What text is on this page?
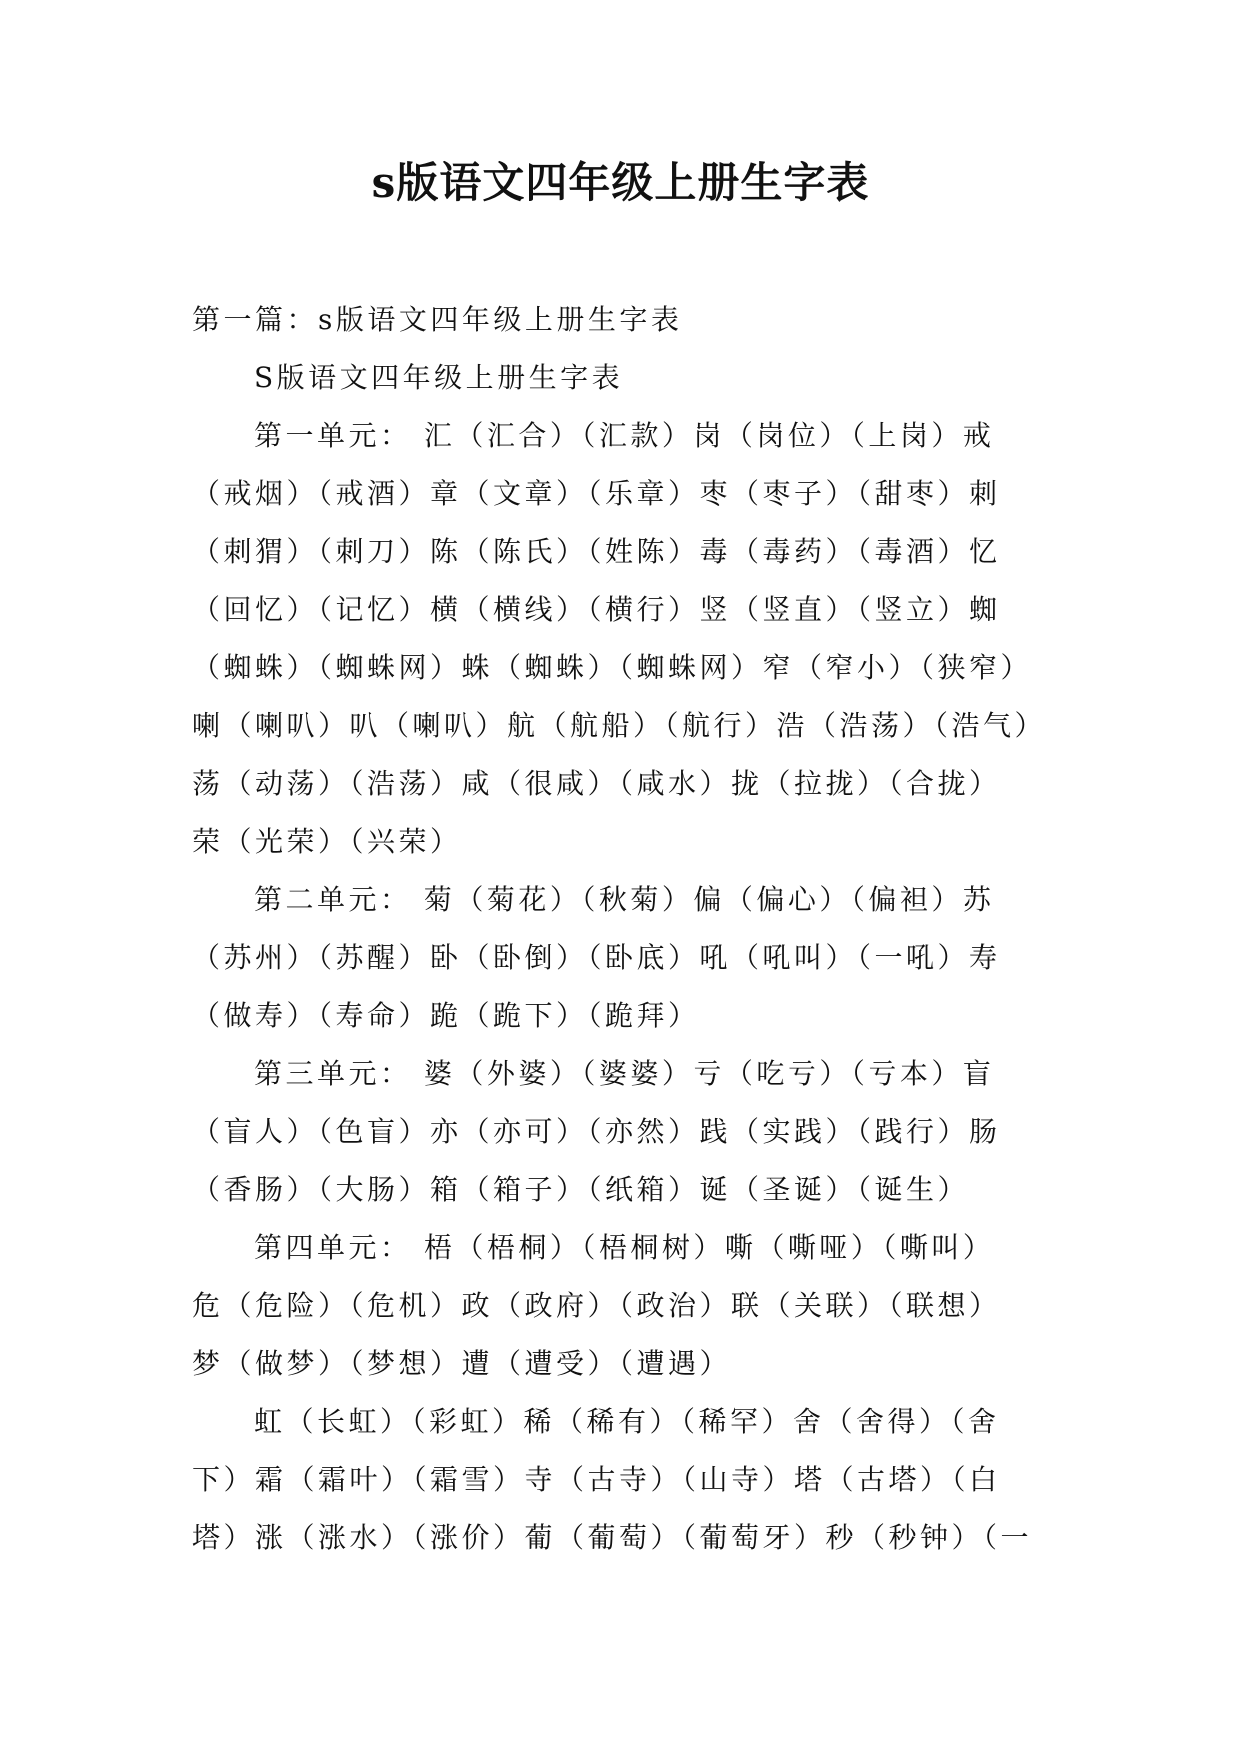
s版语文四年级上册生字表
第一篇：s版语文四年级上册生字表
S版语文四年级上册生字表
第一单元： 汇（汇合）（汇款）岗（岗位）（上岗）戒
（戒烟）（戒酒）章（文章）（乐章）枣（枣子）（甜枣）刺
（刺猬）（刺刀）陈（陈氏）（姓陈）毒（毒药）（毒酒）忆
（回忆）（记忆）横（横线）（横行）竖（竖直）（竖立）蜘
（蜘蛛）（蜘蛛网）蛛（蜘蛛）（蜘蛛网）窄（窄小）（狭窄）
喇（喇叭）叭（喇叭）航（航船）（航行）浩（浩荡）（浩气）
荡（动荡）（浩荡）咸（很咸）（咸水）拢（拉拢）（合拢）
荣（光荣）（兴荣）
第二单元： 菊（菊花）（秋菊）偏（偏心）（偏袒）苏
（苏州）（苏醒）卧（卧倒）（卧底）吼（吼叫）（一吼）寿
（做寿）（寿命）跪（跪下）（跪拜）
第三单元： 婆（外婆）（婆婆）亏（吃亏）（亏本）盲
（盲人）（色盲）亦（亦可）（亦然）践（实践）（践行）肠
（香肠）（大肠）箱（箱子）（纸箱）诞（圣诞）（诞生）
第四单元： 梧（梧桐）（梧桐树）嘶（嘶哑）（嘶叫）
危（危险）（危机）政（政府）（政治）联（关联）（联想）
梦（做梦）（梦想）遭（遭受）（遭遇）
虹（长虹）（彩虹）稀（稀有）（稀罕）舍（舍得）（舍
下）霜（霜叶）（霜雪）寺（古寺）（山寺）塔（古塔）（白
塔）涨（涨水）（涨价）葡（葡萄）（葡萄牙）秒（秒钟）（一
